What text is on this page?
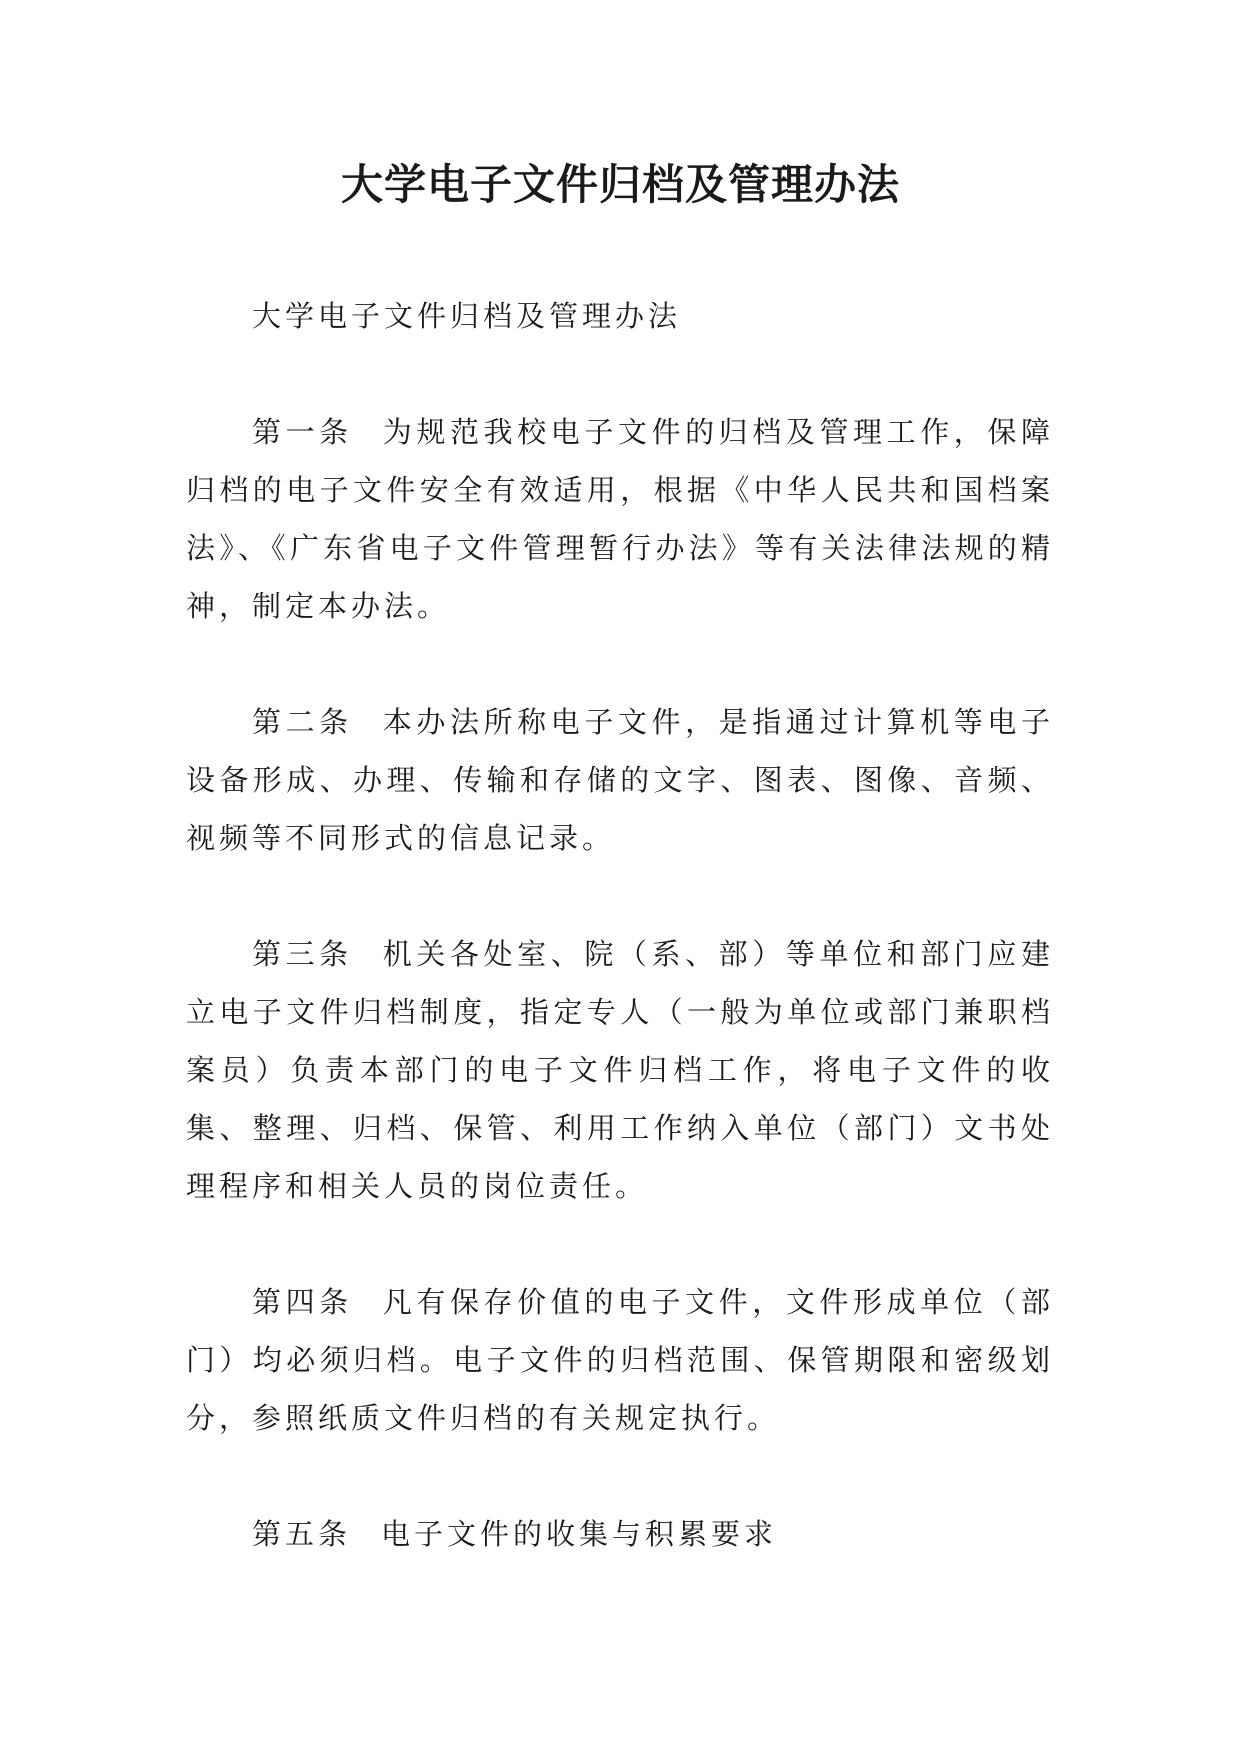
大学电子文件归档及管理办法

大学电子文件归档及管理办法

第一条 为规范我校电子文件的归档及管理工作，保障归档的电子文件安全有效适用，根据《中华人民共和国档案法》、《广东省电子文件管理暂行办法》等有关法律法规的精神，制定本办法。

第二条 本办法所称电子文件，是指通过计算机等电子设备形成、办理、传输和存储的文字、图表、图像、音频、视频等不同形式的信息记录。

第三条 机关各处室、院（系、部）等单位和部门应建立电子文件归档制度，指定专人（一般为单位或部门兼职档案员）负责本部门的电子文件归档工作，将电子文件的收集、整理、归档、保管、利用工作纳入单位（部门）文书处理程序和相关人员的岗位责任。

第四条 凡有保存价值的电子文件，文件形成单位（部门）均必须归档。电子文件的归档范围、保管期限和密级划分，参照纸质文件归档的有关规定执行。

第五条 电子文件的收集与积累要求
